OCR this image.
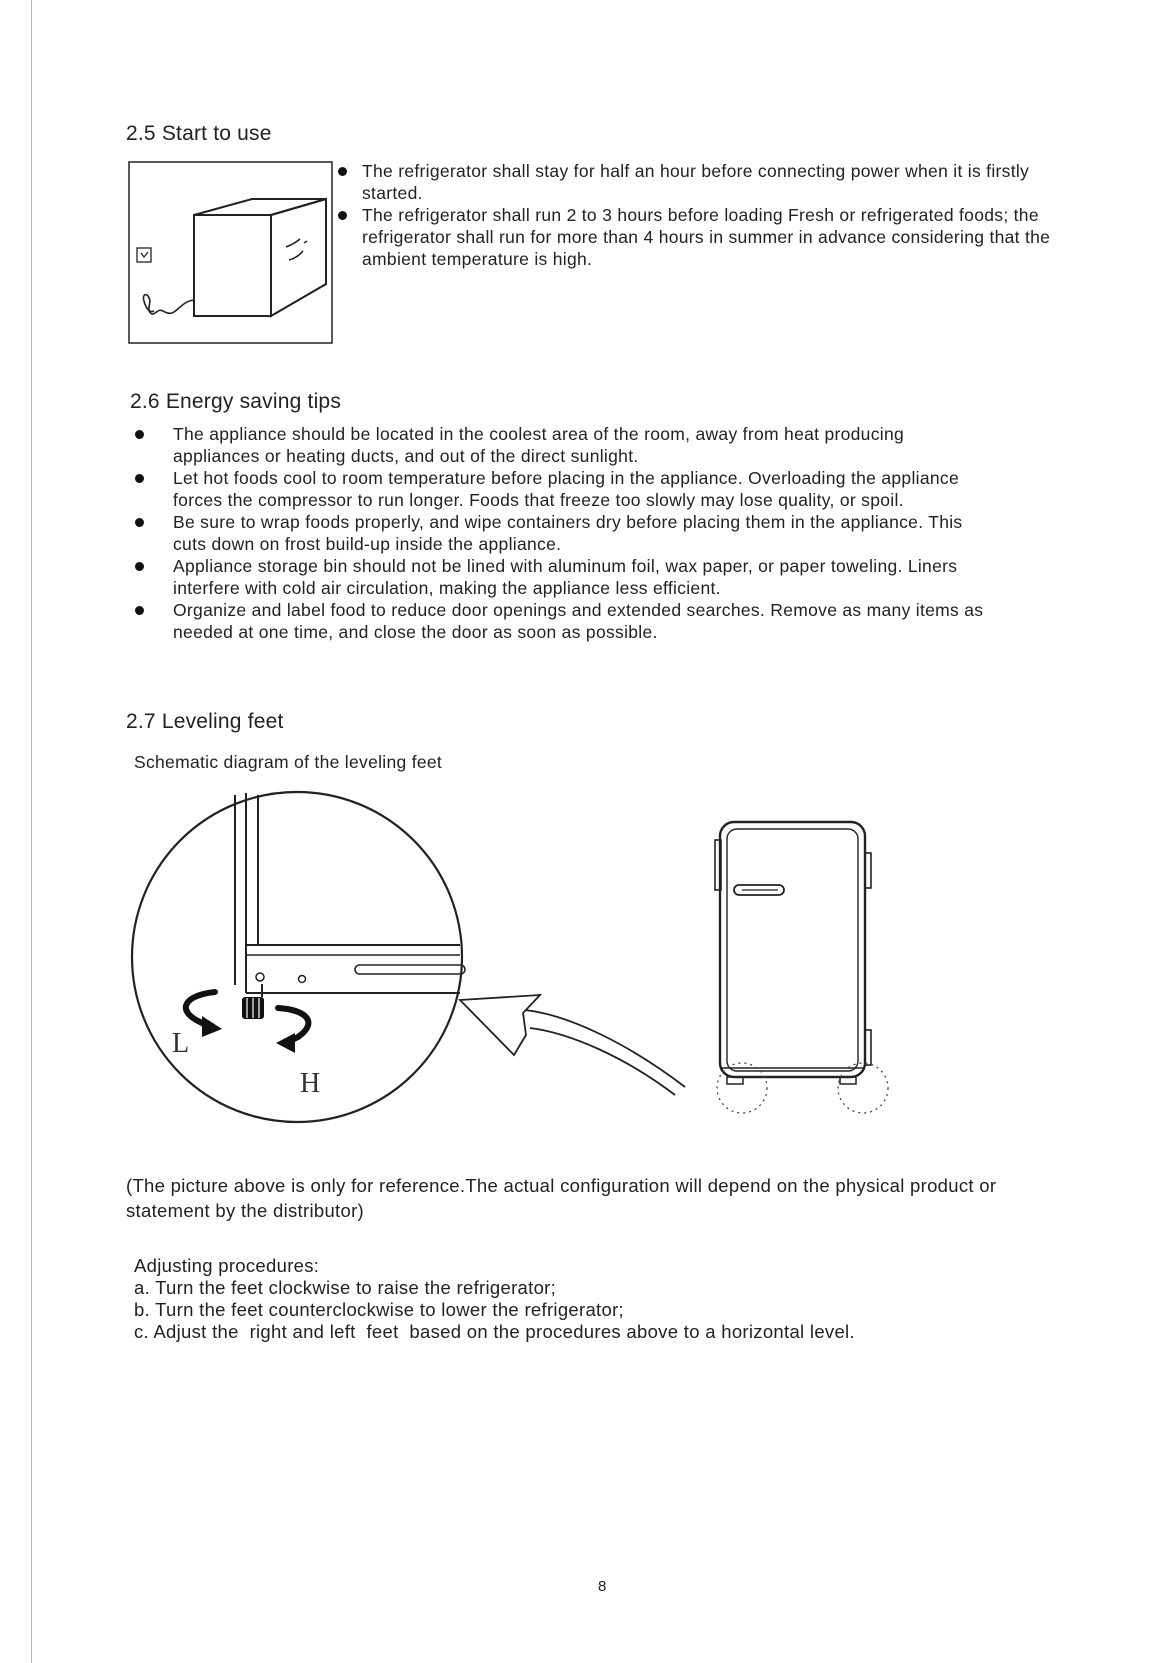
2.5 Start to use
The refrigerator shall stay for half an hour before connecting power when it is firstly started.
The refrigerator shall run 2 to 3 hours before loading Fresh or refrigerated foods; the refrigerator shall run for more than 4 hours in summer in advance considering that the ambient temperature is high.
2.6 Energy saving tips
The appliance should be located in the coolest area of the room, away from heat producing appliances or heating ducts, and out of the direct sunlight.
Let hot foods cool to room temperature before placing in the appliance. Overloading the appliance forces the compressor to run longer. Foods that freeze too slowly may lose quality, or spoil.
Be sure to wrap foods properly, and wipe containers dry before placing them in the appliance. This cuts down on frost build-up inside the appliance.
Appliance storage bin should not be lined with aluminum foil, wax paper, or paper toweling. Liners interfere with cold air circulation, making the appliance less efficient.
Organize and label food to reduce door openings and extended searches. Remove as many items as needed at one time, and close the door as soon as possible.
2.7 Leveling feet
Schematic diagram of the leveling feet
L
H
(The picture above is only for reference.The actual configuration will depend on the physical product or statement by the distributor)
Adjusting procedures:
a. Turn the feet clockwise to raise the refrigerator;
b. Turn the feet counterclockwise to lower the refrigerator;
c. Adjust the  right and left  feet  based on the procedures above to a horizontal level.
8
